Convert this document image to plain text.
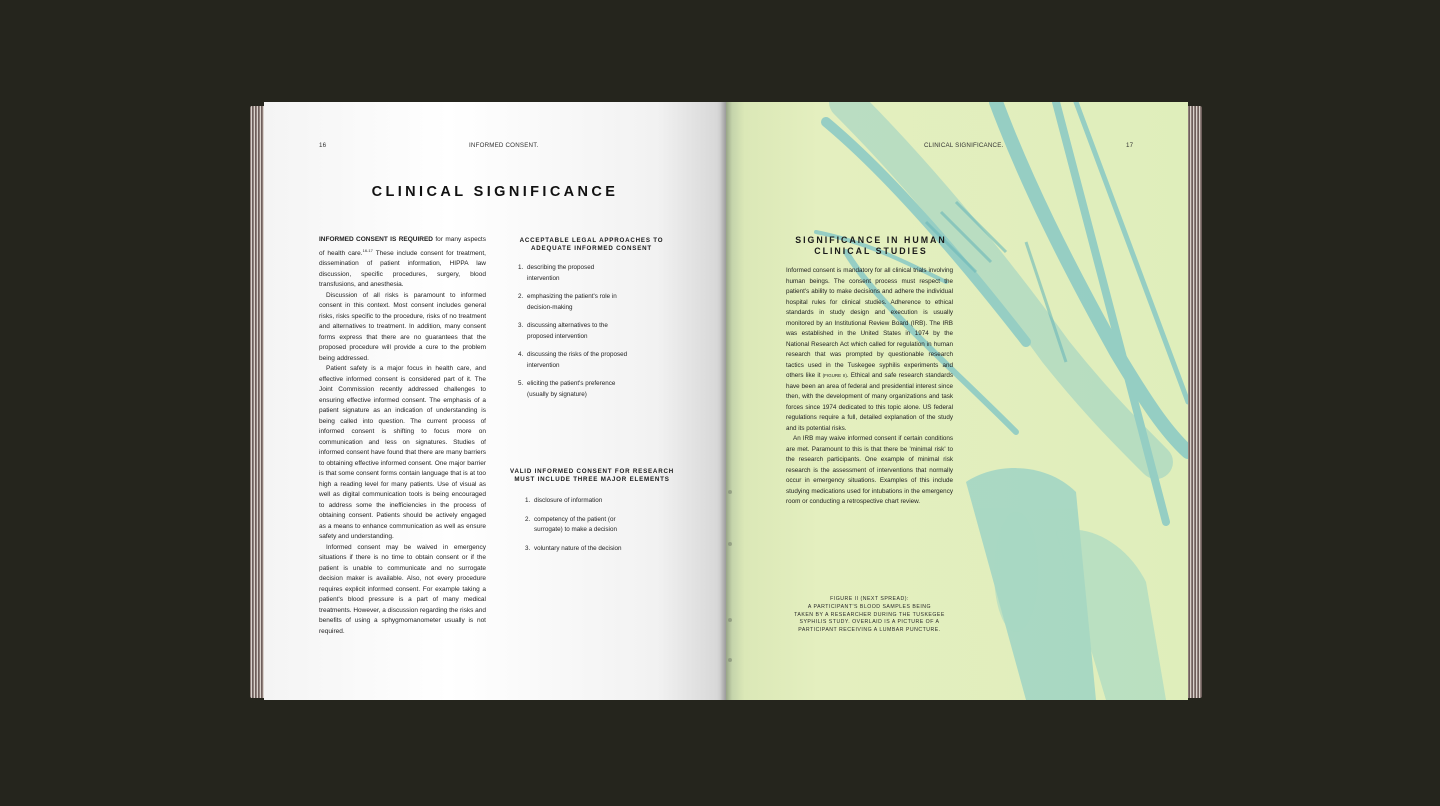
16	INFORMED CONSENT.
CLINICAL SIGNIFICANCE

INFORMED CONSENT IS REQUIRED for many aspects of health care.$^{16-17}$ These include consent for treatment, dissemination of patient information, HIPPA law discussion, specific procedures, surgery, blood transfusions, and anesthesia.

Discussion of all risks is paramount to informed consent in this context. Most consent includes general risks, risks specific to the procedure, risks of no treatment and alternatives to treatment. In addition, many consent forms express that there are no guarantees that the proposed procedure will provide a cure to the problem being addressed.

Patient safety is a major focus in health care, and effective informed consent is considered part of it. The Joint Commission recently addressed challenges to ensuring effective informed consent. The emphasis of a patient signature as an indication of understanding is being called into question. The current process of informed consent is shifting to focus more on communication and less on signatures. Studies of informed consent have found that there are many barriers to obtaining effective informed consent. One major barrier is that some consent forms contain language that is at too high a reading level for many patients. Use of visual as well as digital communication tools is being encouraged to address some the inefficiencies in the process of obtaining consent. Patients should be actively engaged as a means to enhance communication as well as ensure safety and understanding.

Informed consent may be waived in emergency situations if there is no time to obtain consent or if the patient is unable to communicate and no surrogate decision maker is available. Also, not every procedure requires explicit informed consent. For example taking a patient's blood pressure is a part of many medical treatments. However, a discussion regarding the risks and benefits of using a sphygmomanometer usually is not required.

ACCEPTABLE LEGAL APPROACHES TO
ADEQUATE INFORMED CONSENT
1. describing the proposed intervention
2. emphasizing the patient's role in decision-making
3. discussing alternatives to the proposed intervention
4. discussing the risks of the proposed intervention
5. eliciting the patient's preference (usually by signature)
VALID INFORMED CONSENT FOR RESEARCH
MUST INCLUDE THREE MAJOR ELEMENTS
1. disclosure of information
2. competency of the patient (or surrogate) to make a decision
3. voluntary nature of the decision
CLINICAL SIGNIFICANCE.	17
SIGNIFICANCE IN HUMAN
CLINICAL STUDIES

Informed consent is mandatory for all clinical trials involving human beings. The consent process must respect the patient's ability to make decisions and adhere the individual hospital rules for clinical studies. Adherence to ethical standards in study design and execution is usually monitored by an Institutional Review Board (IRB). The IRB was established in the United States in 1974 by the National Research Act which called for regulation in human research that was prompted by questionable research tactics used in the Tuskegee syphilis experiments and others like it (FIGURE II). Ethical and safe research standards have been an area of federal and presidential interest since then, with the development of many organizations and task forces since 1974 dedicated to this topic alone. US federal regulations require a full, detailed explanation of the study and its potential risks.

An IRB may waive informed consent if certain conditions are met. Paramount to this is that there be 'minimal risk' to the research participants. One example of minimal risk research is the assessment of interventions that normally occur in emergency situations. Examples of this include studying medications used for intubations in the emergency room or conducting a retrospective chart review.

FIGURE II (NEXT SPREAD):
A PARTICIPANT'S BLOOD SAMPLES BEING
TAKEN BY A RESEARCHER DURING THE TUSKEGEE
SYPHILIS STUDY. OVERLAID IS A PICTURE OF A
PARTICIPANT RECEIVING A LUMBAR PUNCTURE.
